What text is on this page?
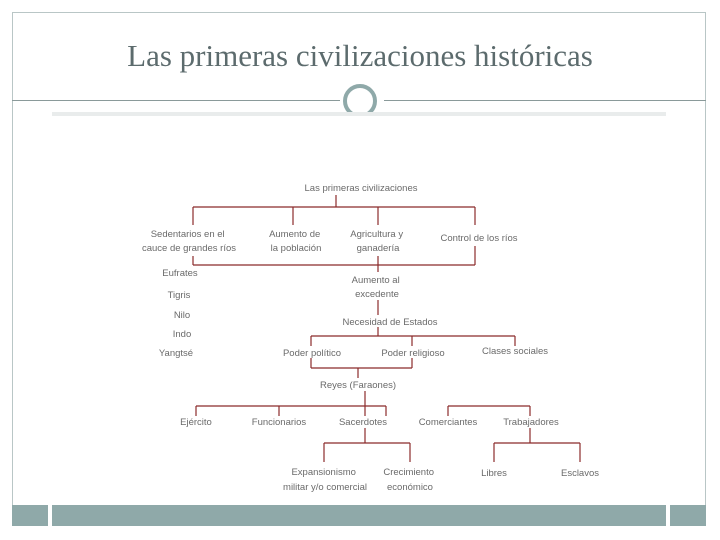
Las primeras civilizaciones históricas
Las primeras civilizaciones
Sedentarios en el cauce de grandes ríos
Aumento de la población
Agricultura y ganadería
Control de los ríos
Eufrates
Tigris
Nilo
Indo
Yangtsé
Aumento al excedente
Necesidad de Estados
Poder político	Poder religioso	Clases sociales
Reyes (Faraones)
Ejército	Funcionarios	Sacerdotes	Comerciantes	Trabajadores
Expansionismo militar y/o comercial
Crecimiento económico
Libres	Esclavos
